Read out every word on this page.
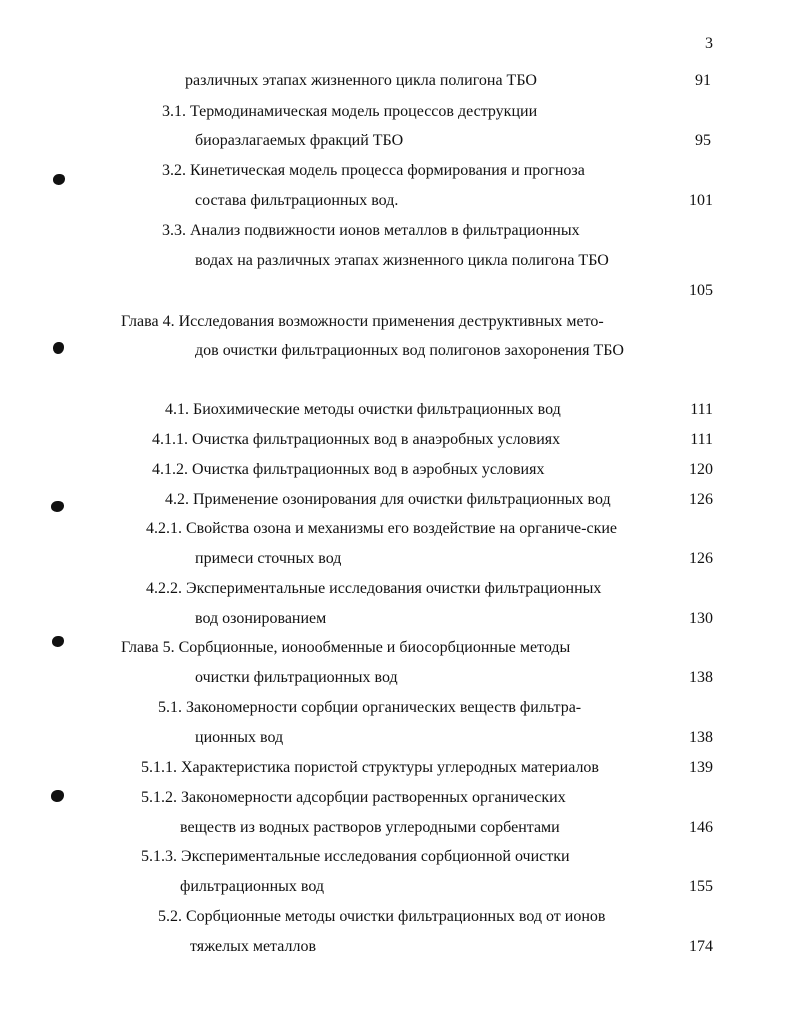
3
различных этапах жизненного цикла полигона ТБО	91
3.1. Термодинамическая модель процессов деструкции
биоразлагаемых фракций ТБО	95
3.2. Кинетическая модель процесса формирования и прогноза
состава фильтрационных вод.	101
3.3. Анализ подвижности ионов металлов в фильтрационных
водах на различных этапах жизненного цикла полигона ТБО
105
Глава 4. Исследования возможности применения деструктивных мето-
дов очистки фильтрационных вод полигонов захоронения ТБО
4.1. Биохимические методы очистки фильтрационных вод	111
4.1.1. Очистка фильтрационных вод в анаэробных условиях	111
4.1.2. Очистка фильтрационных вод в аэробных условиях	120
4.2. Применение озонирования для очистки фильтрационных вод	126
4.2.1. Свойства озона и механизмы его воздействие на органиче-ские
примеси сточных вод	126
4.2.2. Экспериментальные исследования очистки фильтрационных
вод озонированием	130
Глава 5. Сорбционные, ионообменные и биосорбционные методы
очистки фильтрационных вод	138
5.1. Закономерности сорбции органических веществ фильтра-
ционных вод	138
5.1.1. Характеристика пористой структуры углеродных материалов	139
5.1.2. Закономерности адсорбции растворенных органических
веществ из водных растворов углеродными сорбентами	146
5.1.3. Экспериментальные исследования сорбционной очистки
фильтрационных вод	155
5.2. Сорбционные методы очистки фильтрационных вод от ионов
тяжелых металлов	174
